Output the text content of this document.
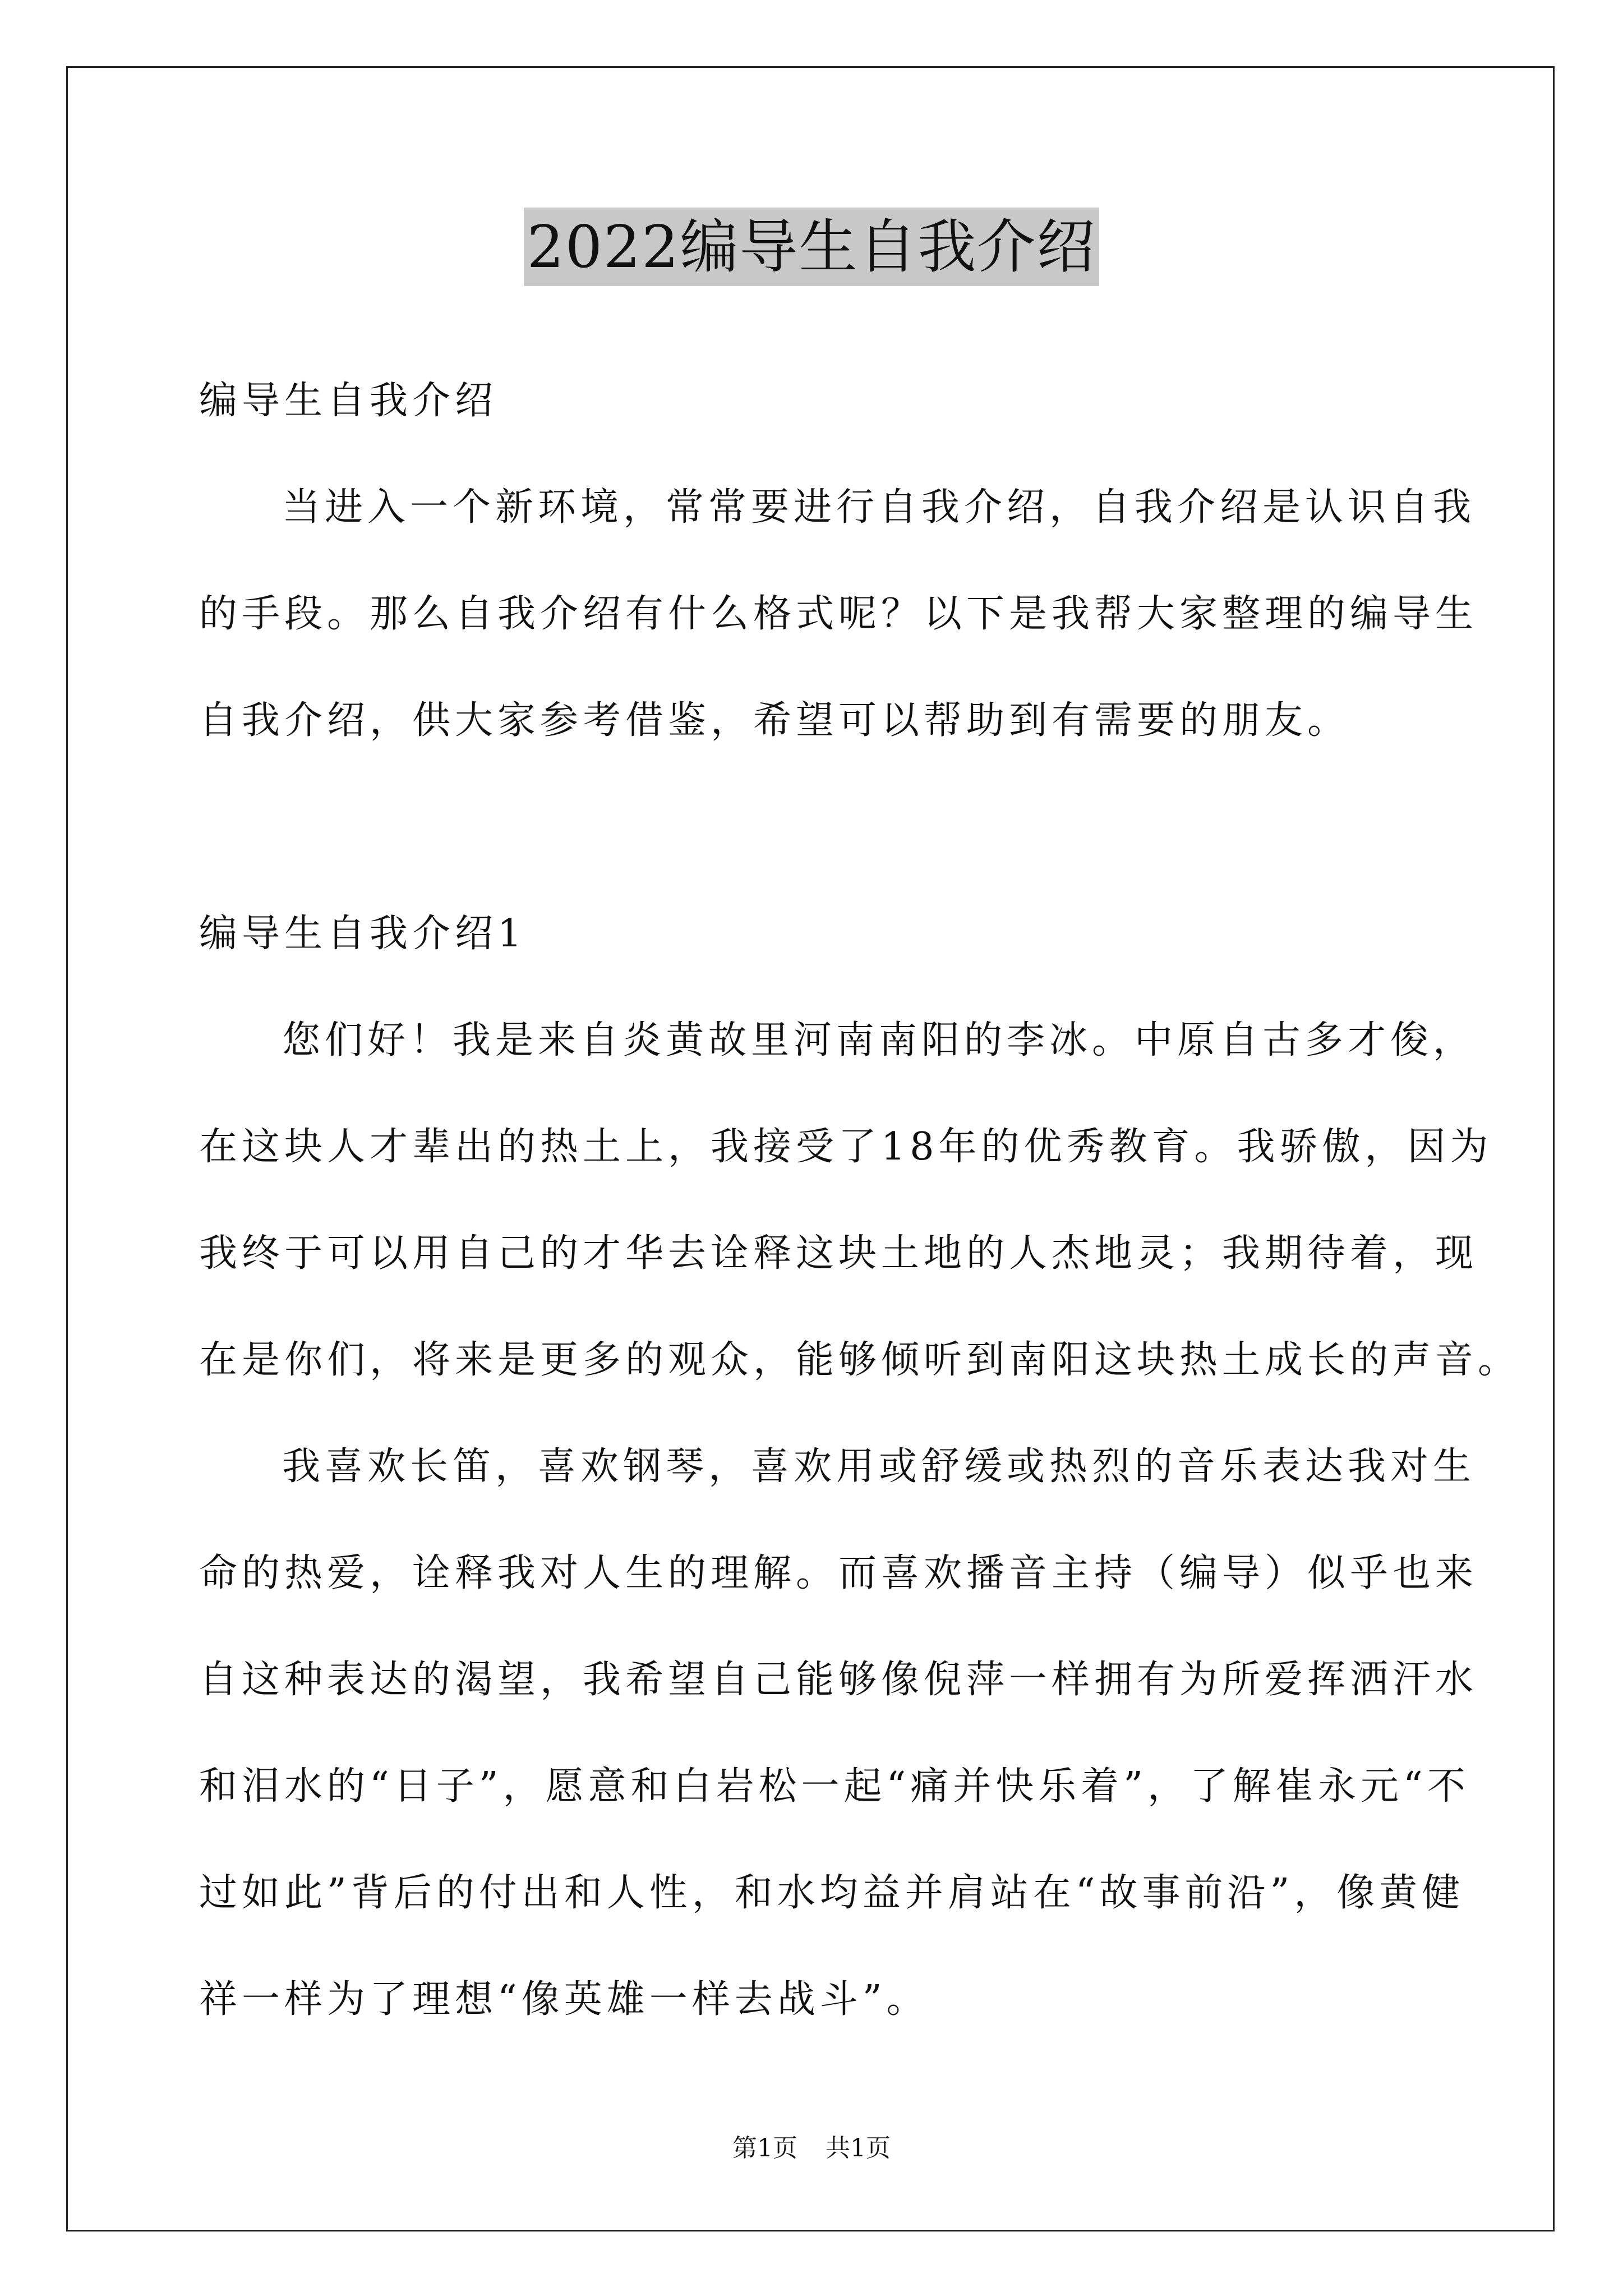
2022编导生自我介绍
编导生自我介绍
当进入一个新环境，常常要进行自我介绍，自我介绍是认识自我
的手段。那么自我介绍有什么格式呢？以下是我帮大家整理的编导生
自我介绍，供大家参考借鉴，希望可以帮助到有需要的朋友。
编导生自我介绍1
您们好！我是来自炎黄故里河南南阳的李冰。中原自古多才俊，
在这块人才辈出的热土上，我接受了18年的优秀教育。我骄傲，因为
我终于可以用自己的才华去诠释这块土地的人杰地灵；我期待着，现
在是你们，将来是更多的观众，能够倾听到南阳这块热土成长的声音。
我喜欢长笛，喜欢钢琴，喜欢用或舒缓或热烈的音乐表达我对生
命的热爱，诠释我对人生的理解。而喜欢播音主持（编导）似乎也来
自这种表达的渴望，我希望自己能够像倪萍一样拥有为所爱挥洒汗水
和泪水的“日子”，愿意和白岩松一起“痛并快乐着”，了解崔永元“不
过如此”背后的付出和人性，和水均益并肩站在“故事前沿”，像黄健
祥一样为了理想“像英雄一样去战斗”。
第1页 共1页
